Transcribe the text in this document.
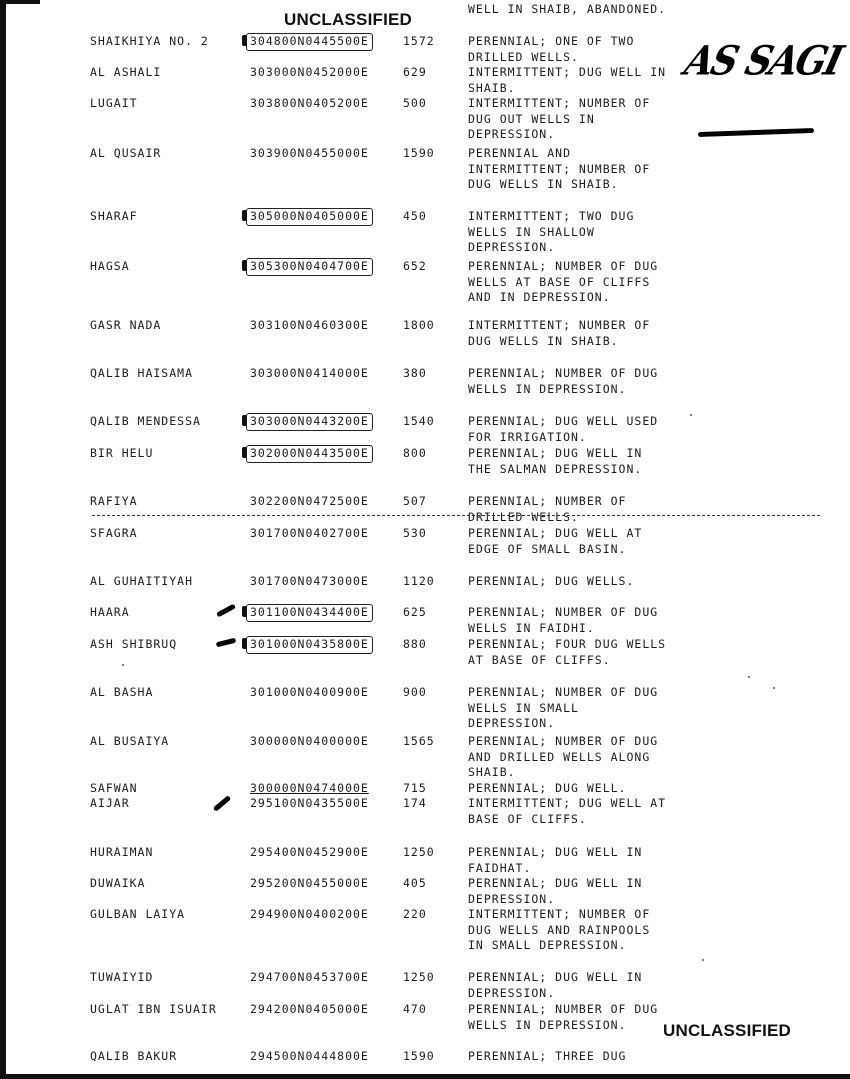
UNCLASSIFIED
UNCLASSIFIED
AS SAGI
WELL IN SHAIB, ABANDONED.
SHAIKHIYA NO. 2	304800N0445500E	1572	PERENNIAL; ONE OF TWO DRILLED WELLS.
AL ASHALI	303000N0452000E	629	INTERMITTENT; DUG WELL IN SHAIB.
LUGAIT	303800N0405200E	500	INTERMITTENT; NUMBER OF DUG OUT WELLS IN DEPRESSION.
AL QUSAIR	303900N0455000E	1590	PERENNIAL AND INTERMITTENT; NUMBER OF DUG WELLS IN SHAIB.
SHARAF	305000N0405000E	450	INTERMITTENT; TWO DUG WELLS IN SHALLOW DEPRESSION.
HAGSA	305300N0404700E	652	PERENNIAL; NUMBER OF DUG WELLS AT BASE OF CLIFFS AND IN DEPRESSION.
GASR NADA	303100N0460300E	1800	INTERMITTENT; NUMBER OF DUG WELLS IN SHAIB.
QALIB HAISAMA	303000N0414000E	380	PERENNIAL; NUMBER OF DUG WELLS IN DEPRESSION.
QALIB MENDESSA	303000N0443200E	1540	PERENNIAL; DUG WELL USED FOR IRRIGATION.
BIR HELU	302000N0443500E	800	PERENNIAL; DUG WELL IN THE SALMAN DEPRESSION.
RAFIYA	302200N0472500E	507	PERENNIAL; NUMBER OF DRILLED WELLS.
SFAGRA	301700N0402700E	530	PERENNIAL; DUG WELL AT EDGE OF SMALL BASIN.
AL GUHAITIYAH	301700N0473000E	1120	PERENNIAL; DUG WELLS.
HAARA	301100N0434400E	625	PERENNIAL; NUMBER OF DUG WELLS IN FAIDHI.
ASH SHIBRUQ	301000N0435800E	880	PERENNIAL; FOUR DUG WELLS AT BASE OF CLIFFS.
AL BASHA	301000N0400900E	900	PERENNIAL; NUMBER OF DUG WELLS IN SMALL DEPRESSION.
AL BUSAIYA	300000N0400000E	1565	PERENNIAL; NUMBER OF DUG AND DRILLED WELLS ALONG SHAIB.
SAFWAN	300000N0474000E	715	PERENNIAL; DUG WELL.
AIJAR	295100N0435500E	174	INTERMITTENT; DUG WELL AT BASE OF CLIFFS.
HURAIMAN	295400N0452900E	1250	PERENNIAL; DUG WELL IN FAIDHAT.
DUWAIKA	295200N0455000E	405	PERENNIAL; DUG WELL IN DEPRESSION.
GULBAN LAIYA	294900N0400200E	220	INTERMITTENT; NUMBER OF DUG WELLS AND RAINPOOLS IN SMALL DEPRESSION.
TUWAIYID	294700N0453700E	1250	PERENNIAL; DUG WELL IN DEPRESSION.
UGLAT IBN ISUAIR	294200N0405000E	470	PERENNIAL; NUMBER OF DUG WELLS IN DEPRESSION.
QALIB BAKUR	294500N0444800E	1590	PERENNIAL; THREE DUG
